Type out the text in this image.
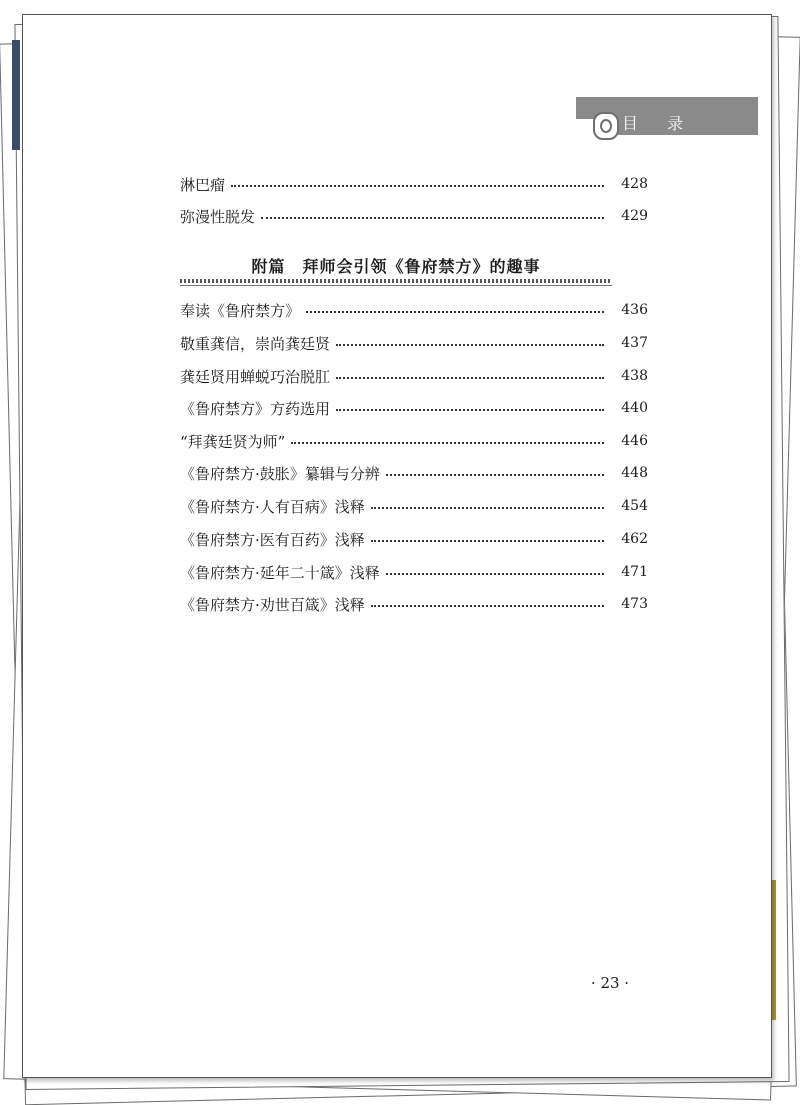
目 录
淋巴瘤	428
弥漫性脱发	429
附篇　拜师会引领《鲁府禁方》的趣事
奉读《鲁府禁方》	436
敬重龚信，崇尚龚廷贤	437
龚廷贤用蝉蜕巧治脱肛	438
《鲁府禁方》方药选用	440
“拜龚廷贤为师”	446
《鲁府禁方·鼓胀》纂辑与分辨	448
《鲁府禁方·人有百病》浅释	454
《鲁府禁方·医有百药》浅释	462
《鲁府禁方·延年二十箴》浅释	471
《鲁府禁方·劝世百箴》浅释	473
· 23 ·
